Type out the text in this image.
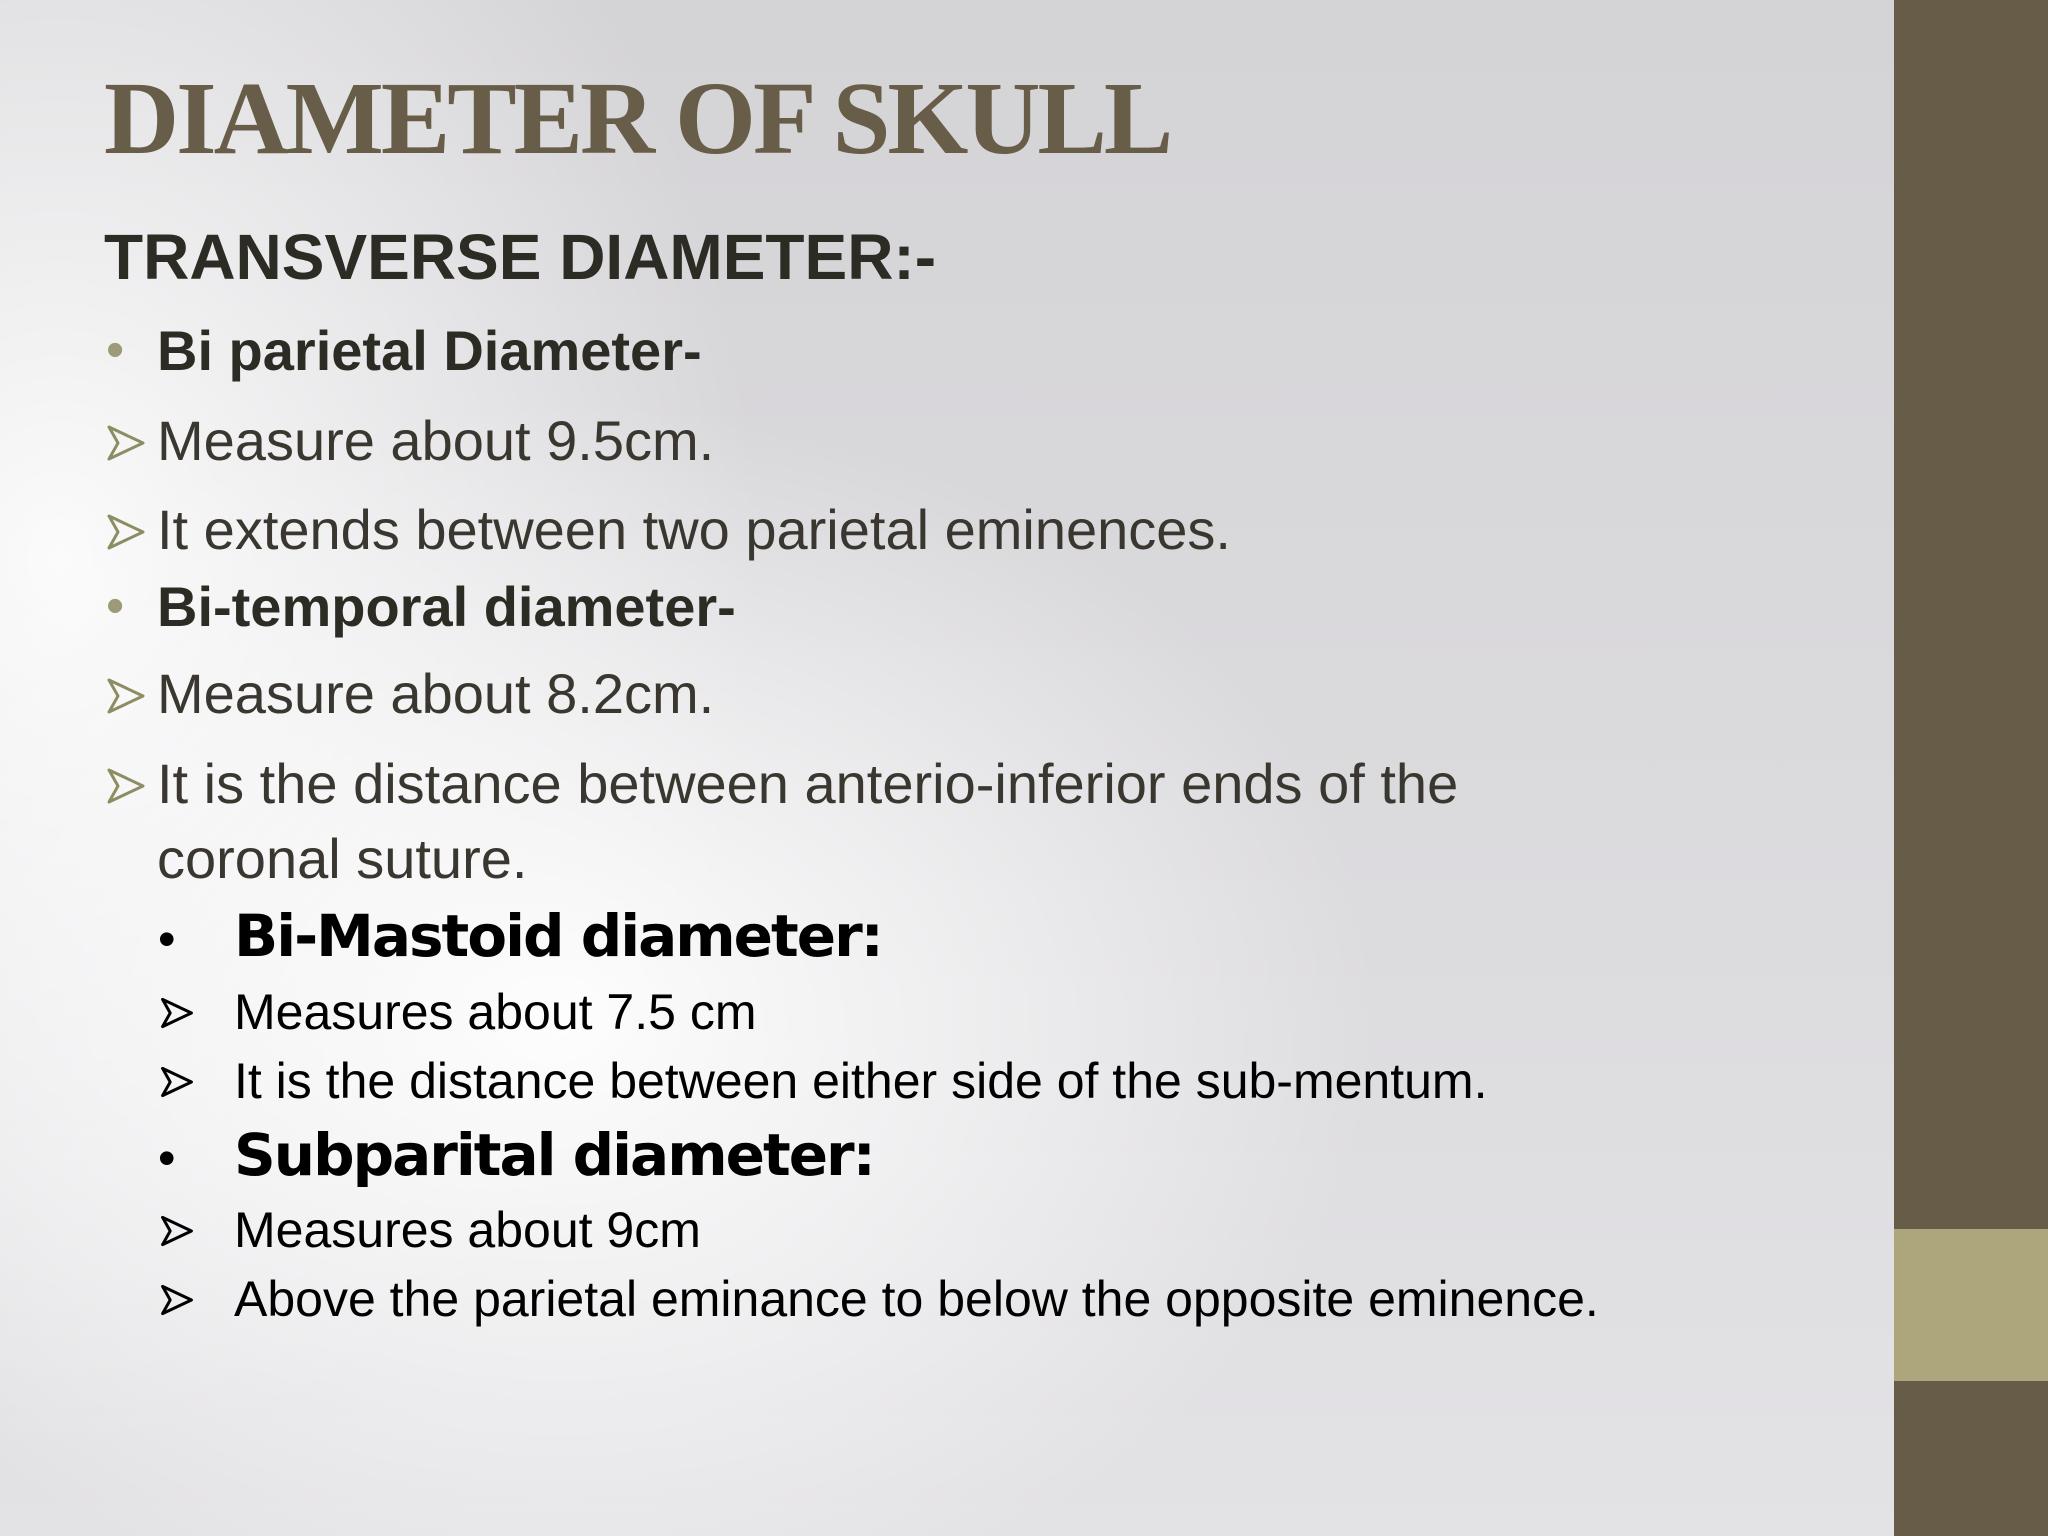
DIAMETER OF SKULL
TRANSVERSE DIAMETER:-
• Bi parietal Diameter-
Measure about 9.5cm.
It extends between two parietal eminences.
• Bi-temporal diameter-
Measure about 8.2cm.
It is the distance between anterio-inferior ends of the
coronal suture.
• Bi-Mastoid diameter:
Measures about 7.5 cm
It is the distance between either side of the sub-mentum.
• Subparital diameter:
Measures about 9cm
Above the parietal eminance to below the opposite eminence.
